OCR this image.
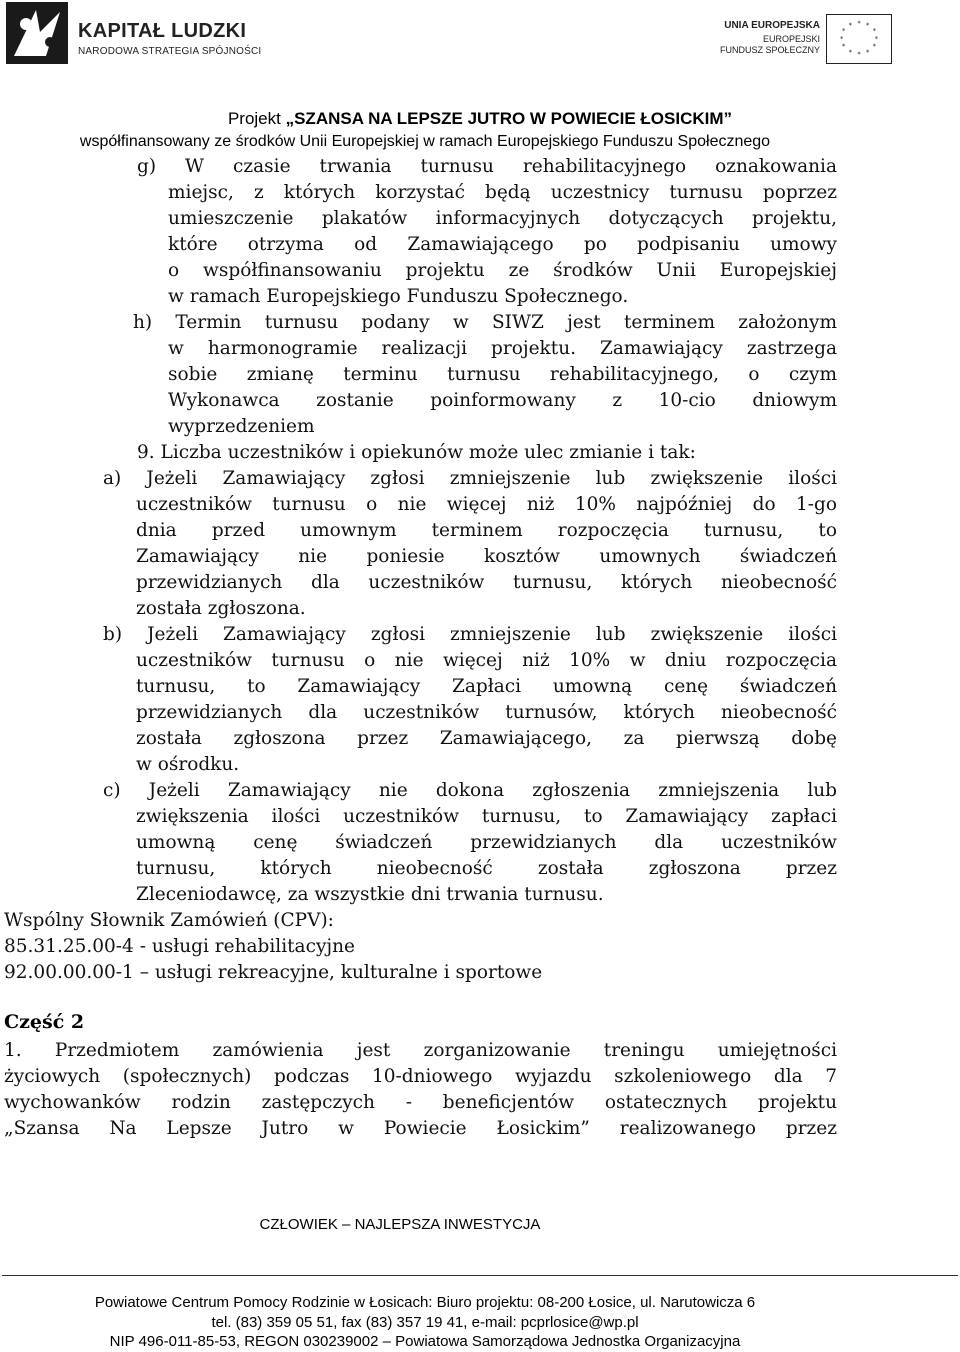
KAPITAŁ LUDZKI
NARODOWA STRATEGIA SPÓJNOŚCI
UNIA EUROPEJSKA
EUROPEJSKI
FUNDUSZ SPOŁECZNY
* *
*
*
*
*
*
*
*
*
*
*
Projekt „SZANSA NA LEPSZE JUTRO W POWIECIE ŁOSICKIM”
współfinansowany ze środków Unii Europejskiej w ramach Europejskiego Funduszu Społecznego
g) W czasie trwania turnusu rehabilitacyjnego oznakowania
miejsc, z których korzystać będą uczestnicy turnusu poprzez
umieszczenie plakatów informacyjnych dotyczących projektu,
które otrzyma od Zamawiającego po podpisaniu umowy
o współfinansowaniu projektu ze środków Unii Europejskiej
w ramach Europejskiego Funduszu Społecznego.
h) Termin turnusu podany w SIWZ jest terminem założonym
w harmonogramie realizacji projektu. Zamawiający zastrzega
sobie zmianę terminu turnusu rehabilitacyjnego, o czym
Wykonawca zostanie poinformowany z 10-cio dniowym
wyprzedzeniem
9. Liczba uczestników i opiekunów może ulec zmianie i tak:
a) Jeżeli Zamawiający zgłosi zmniejszenie lub zwiększenie ilości
uczestników turnusu o nie więcej niż 10% najpóźniej do 1-go
dnia przed umownym terminem rozpoczęcia turnusu, to
Zamawiający nie poniesie kosztów umownych świadczeń
przewidzianych dla uczestników turnusu, których nieobecność
została zgłoszona.
b) Jeżeli Zamawiający zgłosi zmniejszenie lub zwiększenie ilości
uczestników turnusu o nie więcej niż 10% w dniu rozpoczęcia
turnusu, to Zamawiający Zapłaci umowną cenę świadczeń
przewidzianych dla uczestników turnusów, których nieobecność
została zgłoszona przez Zamawiającego, za pierwszą dobę
w ośrodku.
c) Jeżeli Zamawiający nie dokona zgłoszenia zmniejszenia lub
zwiększenia ilości uczestników turnusu, to Zamawiający zapłaci
umowną cenę świadczeń przewidzianych dla uczestników
turnusu, których nieobecność została zgłoszona przez
Zleceniodawcę, za wszystkie dni trwania turnusu.
Wspólny Słownik Zamówień (CPV):
85.31.25.00-4 - usługi rehabilitacyjne
92.00.00.00-1 – usługi rekreacyjne, kulturalne i sportowe
Część 2
1. Przedmiotem zamówienia jest zorganizowanie treningu umiejętności
życiowych (społecznych) podczas 10-dniowego wyjazdu szkoleniowego dla 7
wychowanków rodzin zastępczych - beneficjentów ostatecznych projektu
„Szansa Na Lepsze Jutro w Powiecie Łosickim” realizowanego przez
CZŁOWIEK – NAJLEPSZA INWESTYCJA
Powiatowe Centrum Pomocy Rodzinie w Łosicach: Biuro projektu: 08-200 Łosice, ul. Narutowicza 6
tel. (83) 359 05 51, fax (83) 357 19 41, e-mail: pcprlosice@wp.pl
NIP 496-011-85-53, REGON 030239002 – Powiatowa Samorządowa Jednostka Organizacyjna
